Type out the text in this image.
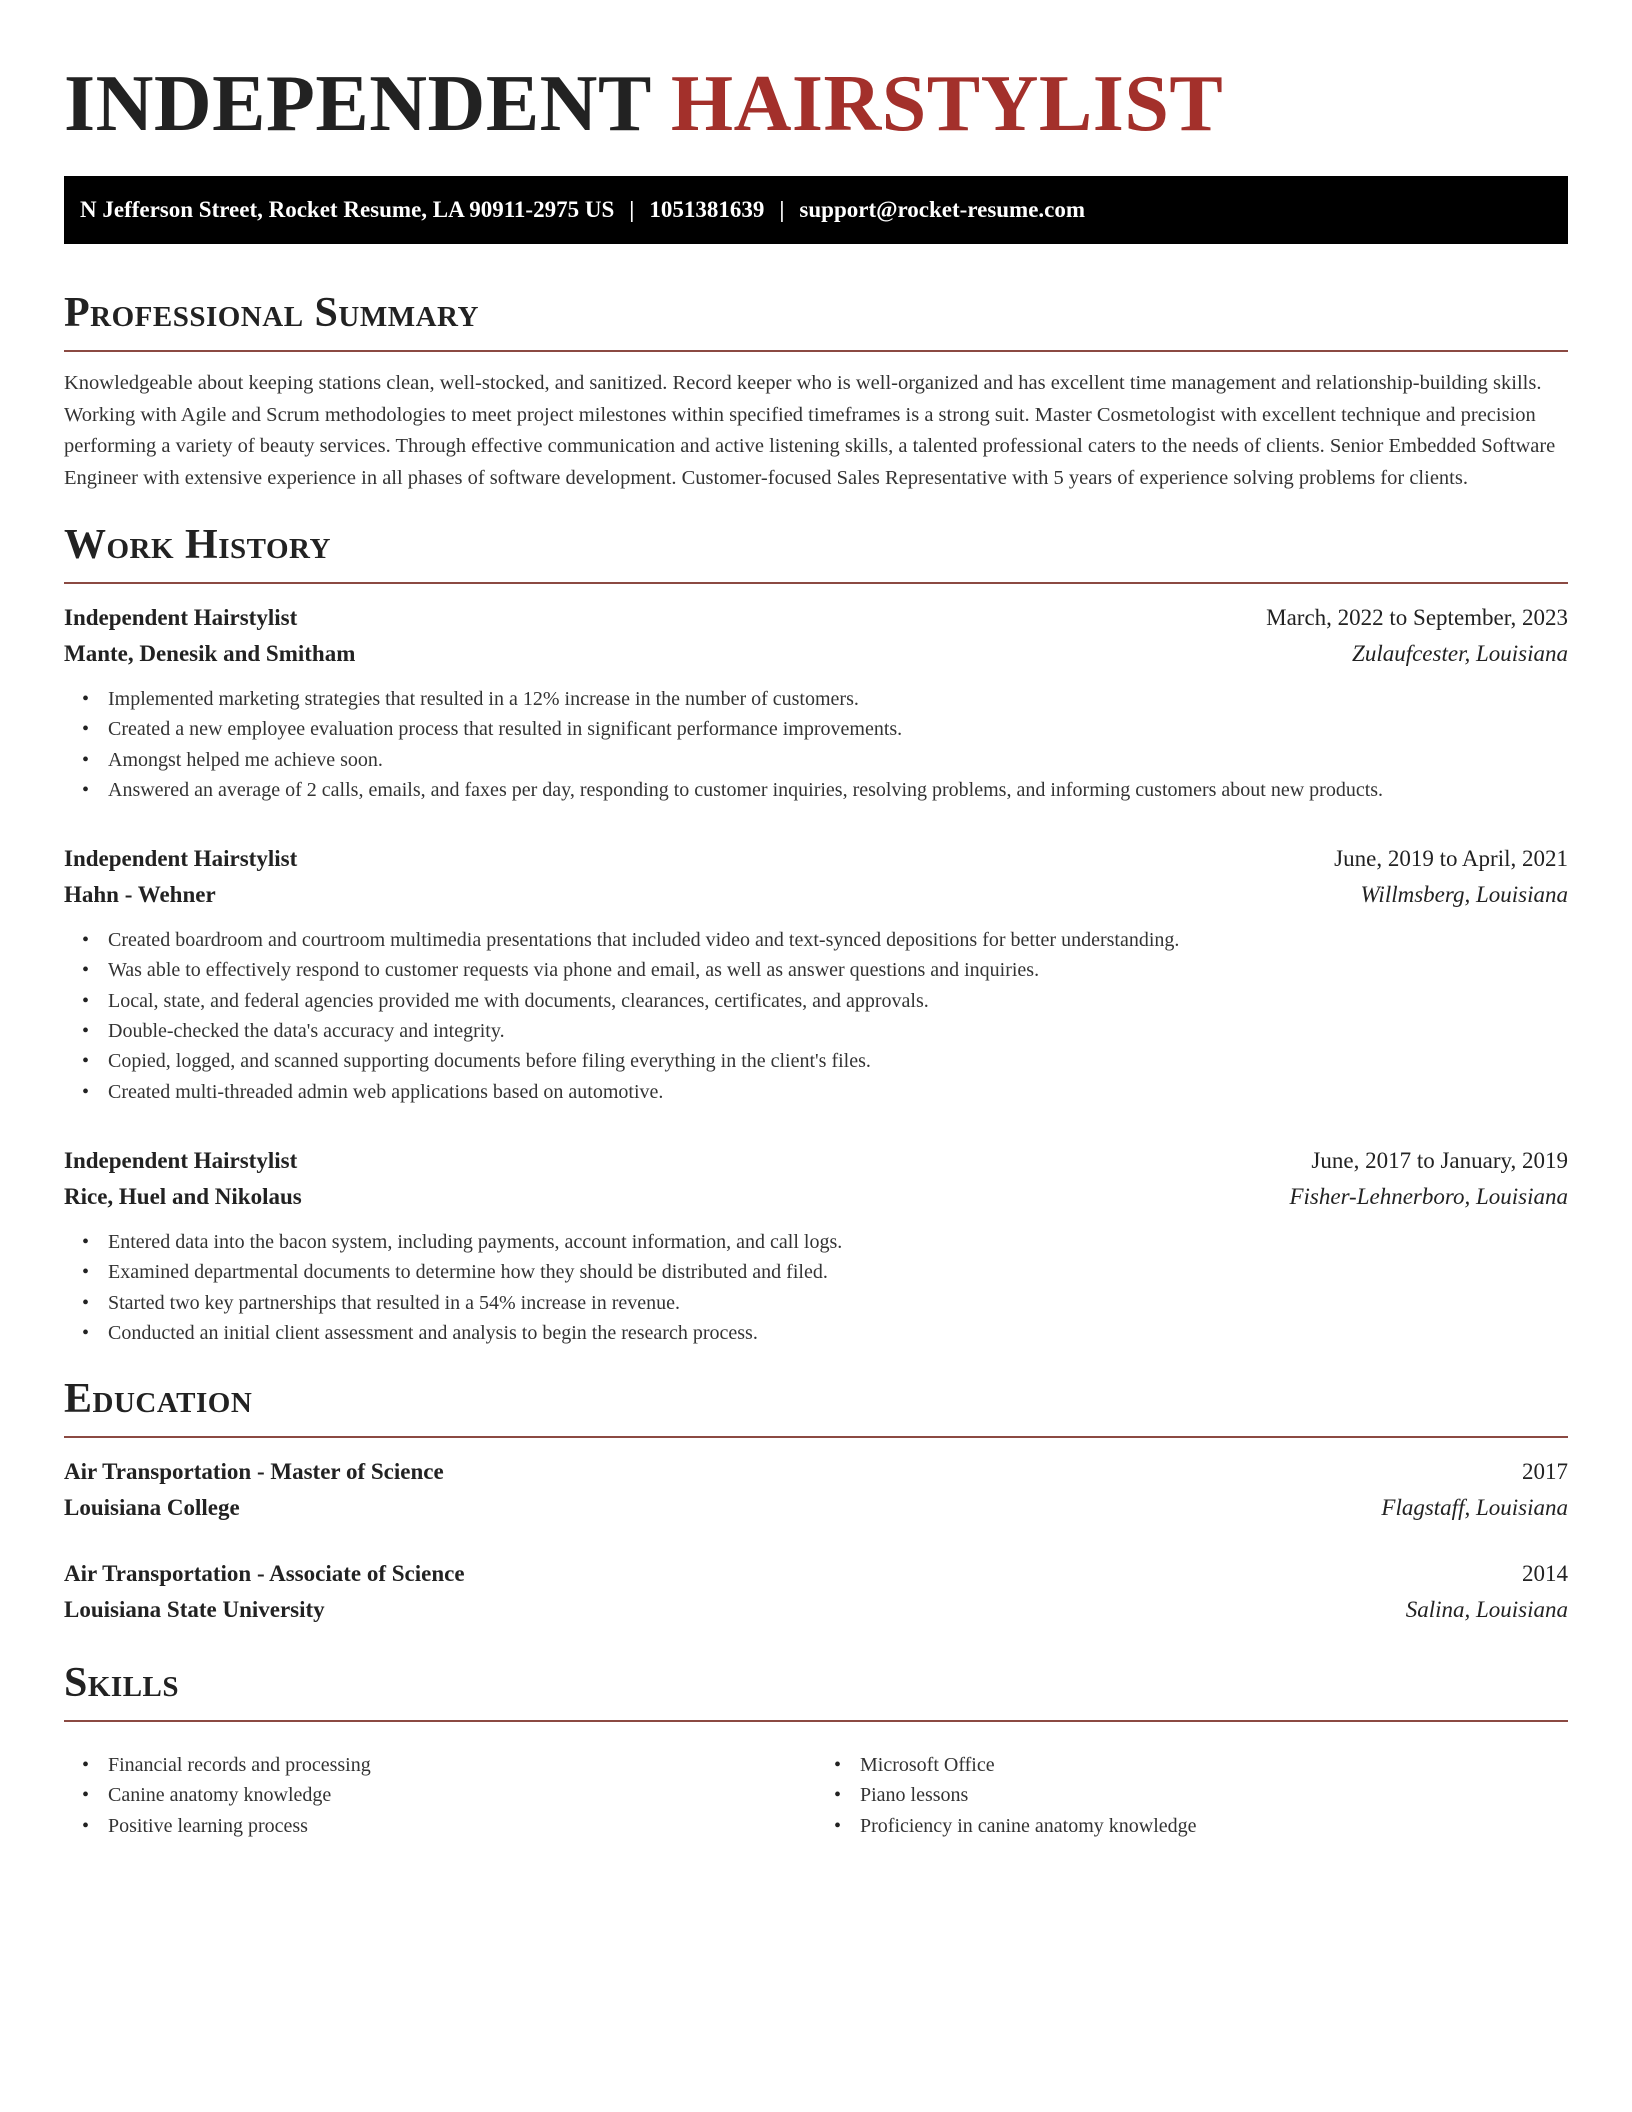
INDEPENDENT HAIRSTYLIST
N Jefferson Street, Rocket Resume, LA 90911-2975 US | 1051381639 | support@rocket-resume.com
Professional Summary

Knowledgeable about keeping stations clean, well-stocked, and sanitized. Record keeper who is well-organized and has excellent time management and relationship-building skills. Working with Agile and Scrum methodologies to meet project milestones within specified timeframes is a strong suit. Master Cosmetologist with excellent technique and precision performing a variety of beauty services. Through effective communication and active listening skills, a talented professional caters to the needs of clients. Senior Embedded Software Engineer with extensive experience in all phases of software development. Customer-focused Sales Representative with 5 years of experience solving problems for clients.

Work History
Independent Hairstylist	March, 2022 to September, 2023
Mante, Denesik and Smitham	Zulaufcester, Louisiana
• Implemented marketing strategies that resulted in a 12% increase in the number of customers.
• Created a new employee evaluation process that resulted in significant performance improvements.
• Amongst helped me achieve soon.
• Answered an average of 2 calls, emails, and faxes per day, responding to customer inquiries, resolving problems, and informing customers about new products.
Independent Hairstylist	June, 2019 to April, 2021
Hahn - Wehner	Willmsberg, Louisiana
• Created boardroom and courtroom multimedia presentations that included video and text-synced depositions for better understanding.
• Was able to effectively respond to customer requests via phone and email, as well as answer questions and inquiries.
• Local, state, and federal agencies provided me with documents, clearances, certificates, and approvals.
• Double-checked the data's accuracy and integrity.
• Copied, logged, and scanned supporting documents before filing everything in the client's files.
• Created multi-threaded admin web applications based on automotive.
Independent Hairstylist	June, 2017 to January, 2019
Rice, Huel and Nikolaus	Fisher-Lehnerboro, Louisiana
• Entered data into the bacon system, including payments, account information, and call logs.
• Examined departmental documents to determine how they should be distributed and filed.
• Started two key partnerships that resulted in a 54% increase in revenue.
• Conducted an initial client assessment and analysis to begin the research process.
Education
Air Transportation - Master of Science	2017
Louisiana College	Flagstaff, Louisiana
Air Transportation - Associate of Science	2014
Louisiana State University	Salina, Louisiana
Skills
• Financial records and processing
• Canine anatomy knowledge
• Positive learning process
• Microsoft Office
• Piano lessons
• Proficiency in canine anatomy knowledge
